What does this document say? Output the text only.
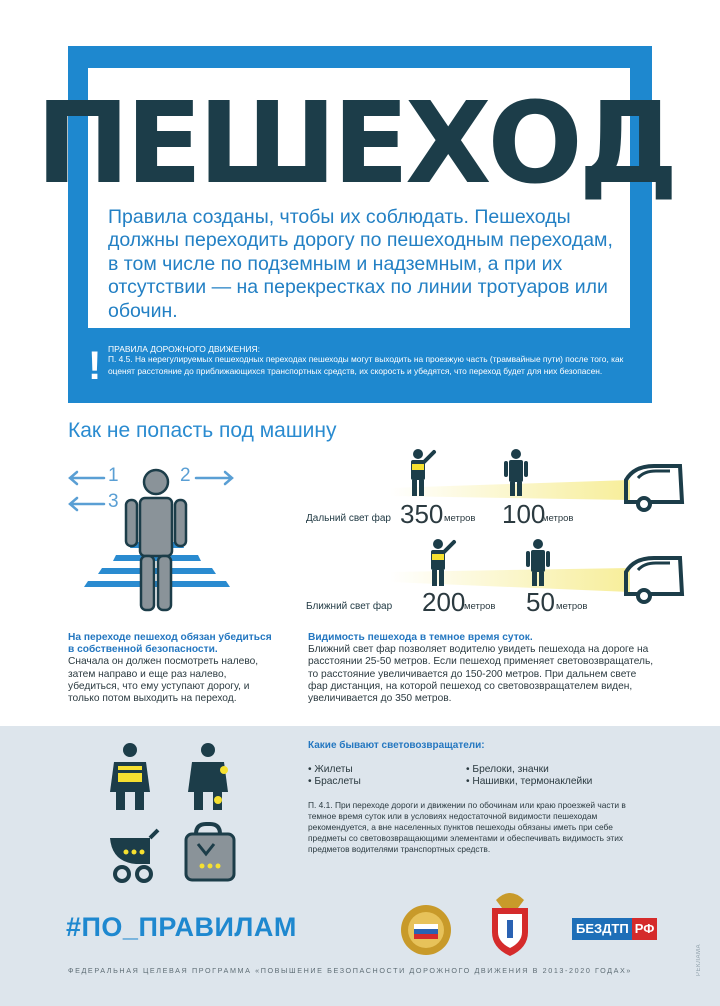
ПЕШЕХОД
Правила созданы, чтобы их соблюдать. Пешеходы должны переходить дорогу по пешеходным переходам, в том числе по подземным и надземным, а при их отсутствии — на перекрестках по линии тротуаров или обочин.
! ПРАВИЛА ДОРОЖНОГО ДВИЖЕНИЯ:
П. 4.5. На нерегулируемых пешеходных переходах пешеходы могут выходить на проезжую часть (трамвайные пути) после того, как оценят расстояние до приближающихся транспортных средств, их скорость и убедятся, что переход будет для них безопасен.
Как не попасть под машину
1	2
3
Дальний свет фар 350 метров 100
метров
Ближний свет фар 200
метров 50 метров
На переходе пешеход обязан убедиться в собственной безопасности.
Сначала он должен посмотреть налево, затем направо и еще раз налево, убедиться, что ему уступают дорогу, и только потом выходить на переход.
Видимость пешехода в темное время суток.
Ближний свет фар позволяет водителю увидеть пешехода на дороге на расстоянии 25-50 метров. Если пешеход применяет световозвращатель, то расстояние увеличивается до 150-200 метров. При дальнем свете фар дистанция, на которой пешеход со световозвращателем виден, увеличивается до 350 метров.
Какие бывают световозвращатели:
• Жилеты
• Браслеты
• Брелоки, значки
• Нашивки, термонаклейки
П. 4.1. При переходе дороги и движении по обочинам или краю проезжей части в темное время суток или в условиях недостаточной видимости пешеходам рекомендуется, а вне населенных пунктов пешеходы обязаны иметь при себе предметы со световозвращающими элементами и обеспечивать видимость этих предметов водителями транспортных средств.
#ПО_ПРАВИЛАМ	БЕЗДТП РФ
РЕКЛАМА
ФЕДЕРАЛЬНАЯ ЦЕЛЕВАЯ ПРОГРАММА «ПОВЫШЕНИЕ БЕЗОПАСНОСТИ ДОРОЖНОГО ДВИЖЕНИЯ В 2013-2020 ГОДАХ»
